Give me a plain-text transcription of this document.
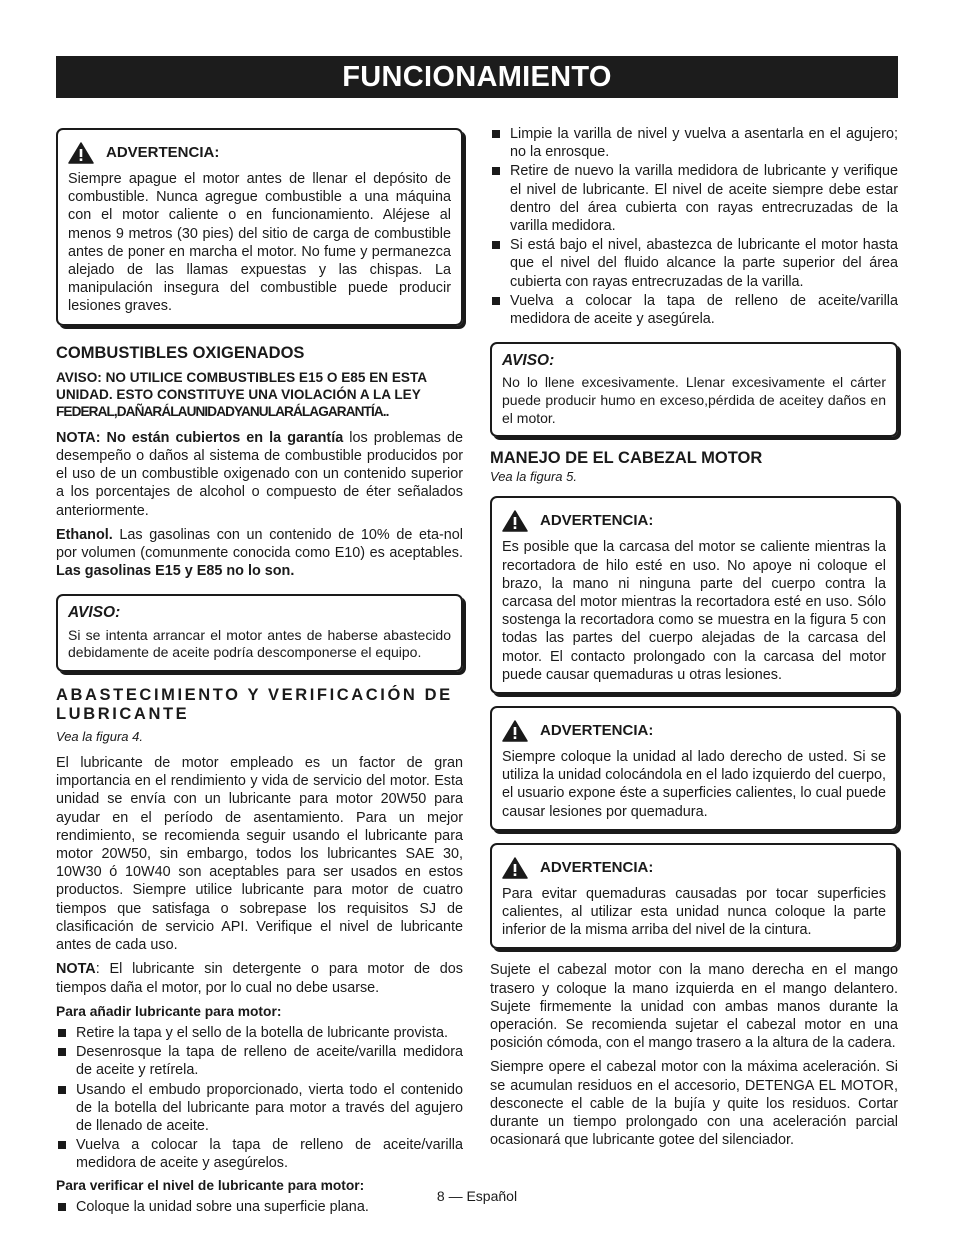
FUNCIONAMIENTO
ADVERTENCIA:

Siempre apague el motor antes de llenar el depósito de combustible. Nunca agregue combustible a una máquina con el motor caliente o en funcionamiento. Aléjese al menos 9 metros (30 pies) del sitio de carga de combustible antes de poner en marcha el motor. No fume y permanezca alejado de las llamas expuestas y las chispas. La manipulación insegura del combustible puede producir lesiones graves.

COMBUSTIBLES OXIGENADOS
AVISO: NO UTILICE COMBUSTIBLES E15 O E85 EN ESTA UNIDAD. ESTO CONSTITUYE UNA VIOLACIÓN A LA LEY
FEDERAL,DAÑARÁLAUNIDADYANULARÁLAGARANTÍA..

NOTA: No están cubiertos en la garantía los problemas de desempeño o daños al sistema de combustible producidos por el uso de un combustible oxigenado con un contenido superior a los porcentajes de alcohol o compuesto de éter señalados anteriormente.

Ethanol. Las gasolinas con un contenido de 10% de eta-nol por volumen (comunmente conocida como E10) es aceptables. Las gasolinas E15 y E85 no lo son.

AVISO:

Si se intenta arrancar el motor antes de haberse abastecido debidamente de aceite podría descomponerse el equipo.

ABASTECIMIENTO Y VERIFICACIÓN DE LUBRICANTE
Vea la figura 4.

El lubricante de motor empleado es un factor de gran importancia en el rendimiento y vida de servicio del motor. Esta unidad se envía con un lubricante para motor 20W50 para ayudar en el período de asentamiento. Para un mejor rendimiento, se recomienda seguir usando el lubricante para motor 20W50, sin embargo, todos los lubricantes SAE 30, 10W30 ó 10W40 son aceptables para ser usados en estos productos. Siempre utilice lubricante para motor de cuatro tiempos que satisfaga o sobrepase los requisitos SJ de clasificación de servicio API. Verifique el nivel de lubricante antes de cada uso.

NOTA: El lubricante sin detergente o para motor de dos tiempos daña el motor, por lo cual no debe usarse.

Para añadir lubricante para motor:
Retire la tapa y el sello de la botella de lubricante provista.
Desenrosque la tapa de relleno de aceite/varilla medidora de aceite y retírela.
Usando el embudo proporcionado, vierta todo el contenido de la botella del lubricante para motor a través del agujero de llenado de aceite.
Vuelva a colocar la tapa de relleno de aceite/varilla medidora de aceite y asegúrelos.
Para verificar el nivel de lubricante para motor:
Coloque la unidad sobre una superficie plana.
Limpie la varilla de nivel y vuelva a asentarla en el agujero; no la enrosque.
Retire de nuevo la varilla medidora de lubricante y verifique el nivel de lubricante. El nivel de aceite siempre debe estar dentro del área cubierta con rayas entrecruzadas de la varilla medidora.
Si está bajo el nivel, abastezca de lubricante el motor hasta que el nivel del fluido alcance la parte superior del área cubierta con rayas entrecruzadas de la varilla.
Vuelva a colocar la tapa de relleno de aceite/varilla medidora de aceite y asegúrela.
AVISO:

No lo llene excesivamente. Llenar excesivamente el cárter puede producir humo en exceso,pérdida de aceitey daños en el motor.

MANEJO DE EL CABEZAL MOTOR
Vea la figura 5.
ADVERTENCIA:

Es posible que la carcasa del motor se caliente mientras la recortadora de hilo esté en uso. No apoye ni coloque el brazo, la mano ni ninguna parte del cuerpo contra la carcasa del motor mientras la recortadora esté en uso. Sólo sostenga la recortadora como se muestra en la figura 5 con todas las partes del cuerpo alejadas de la carcasa del motor. El contacto prolongado con la carcasa del motor puede causar quemaduras u otras lesiones.

ADVERTENCIA:

Siempre coloque la unidad al lado derecho de usted. Si se utiliza la unidad colocándola en el lado izquierdo del cuerpo, el usuario expone éste a superficies calientes, lo cual puede causar lesiones por quemadura.

ADVERTENCIA:

Para evitar quemaduras causadas por tocar superficies calientes, al utilizar esta unidad nunca coloque la parte inferior de la misma arriba del nivel de la cintura.

Sujete el cabezal motor con la mano derecha en el mango trasero y coloque la mano izquierda en el mango delantero. Sujete firmemente la unidad con ambas manos durante la operación. Se recomienda sujetar el cabezal motor en una posición cómoda, con el mango trasero a la altura de la cadera.

Siempre opere el cabezal motor con la máxima aceleración. Si se acumulan residuos en el accesorio, DETENGA EL MOTOR, desconecte el cable de la bujía y quite los residuos. Cortar durante un tiempo prolongado con una aceleración parcial ocasionará que lubricante gotee del silenciador.

8 — Español
